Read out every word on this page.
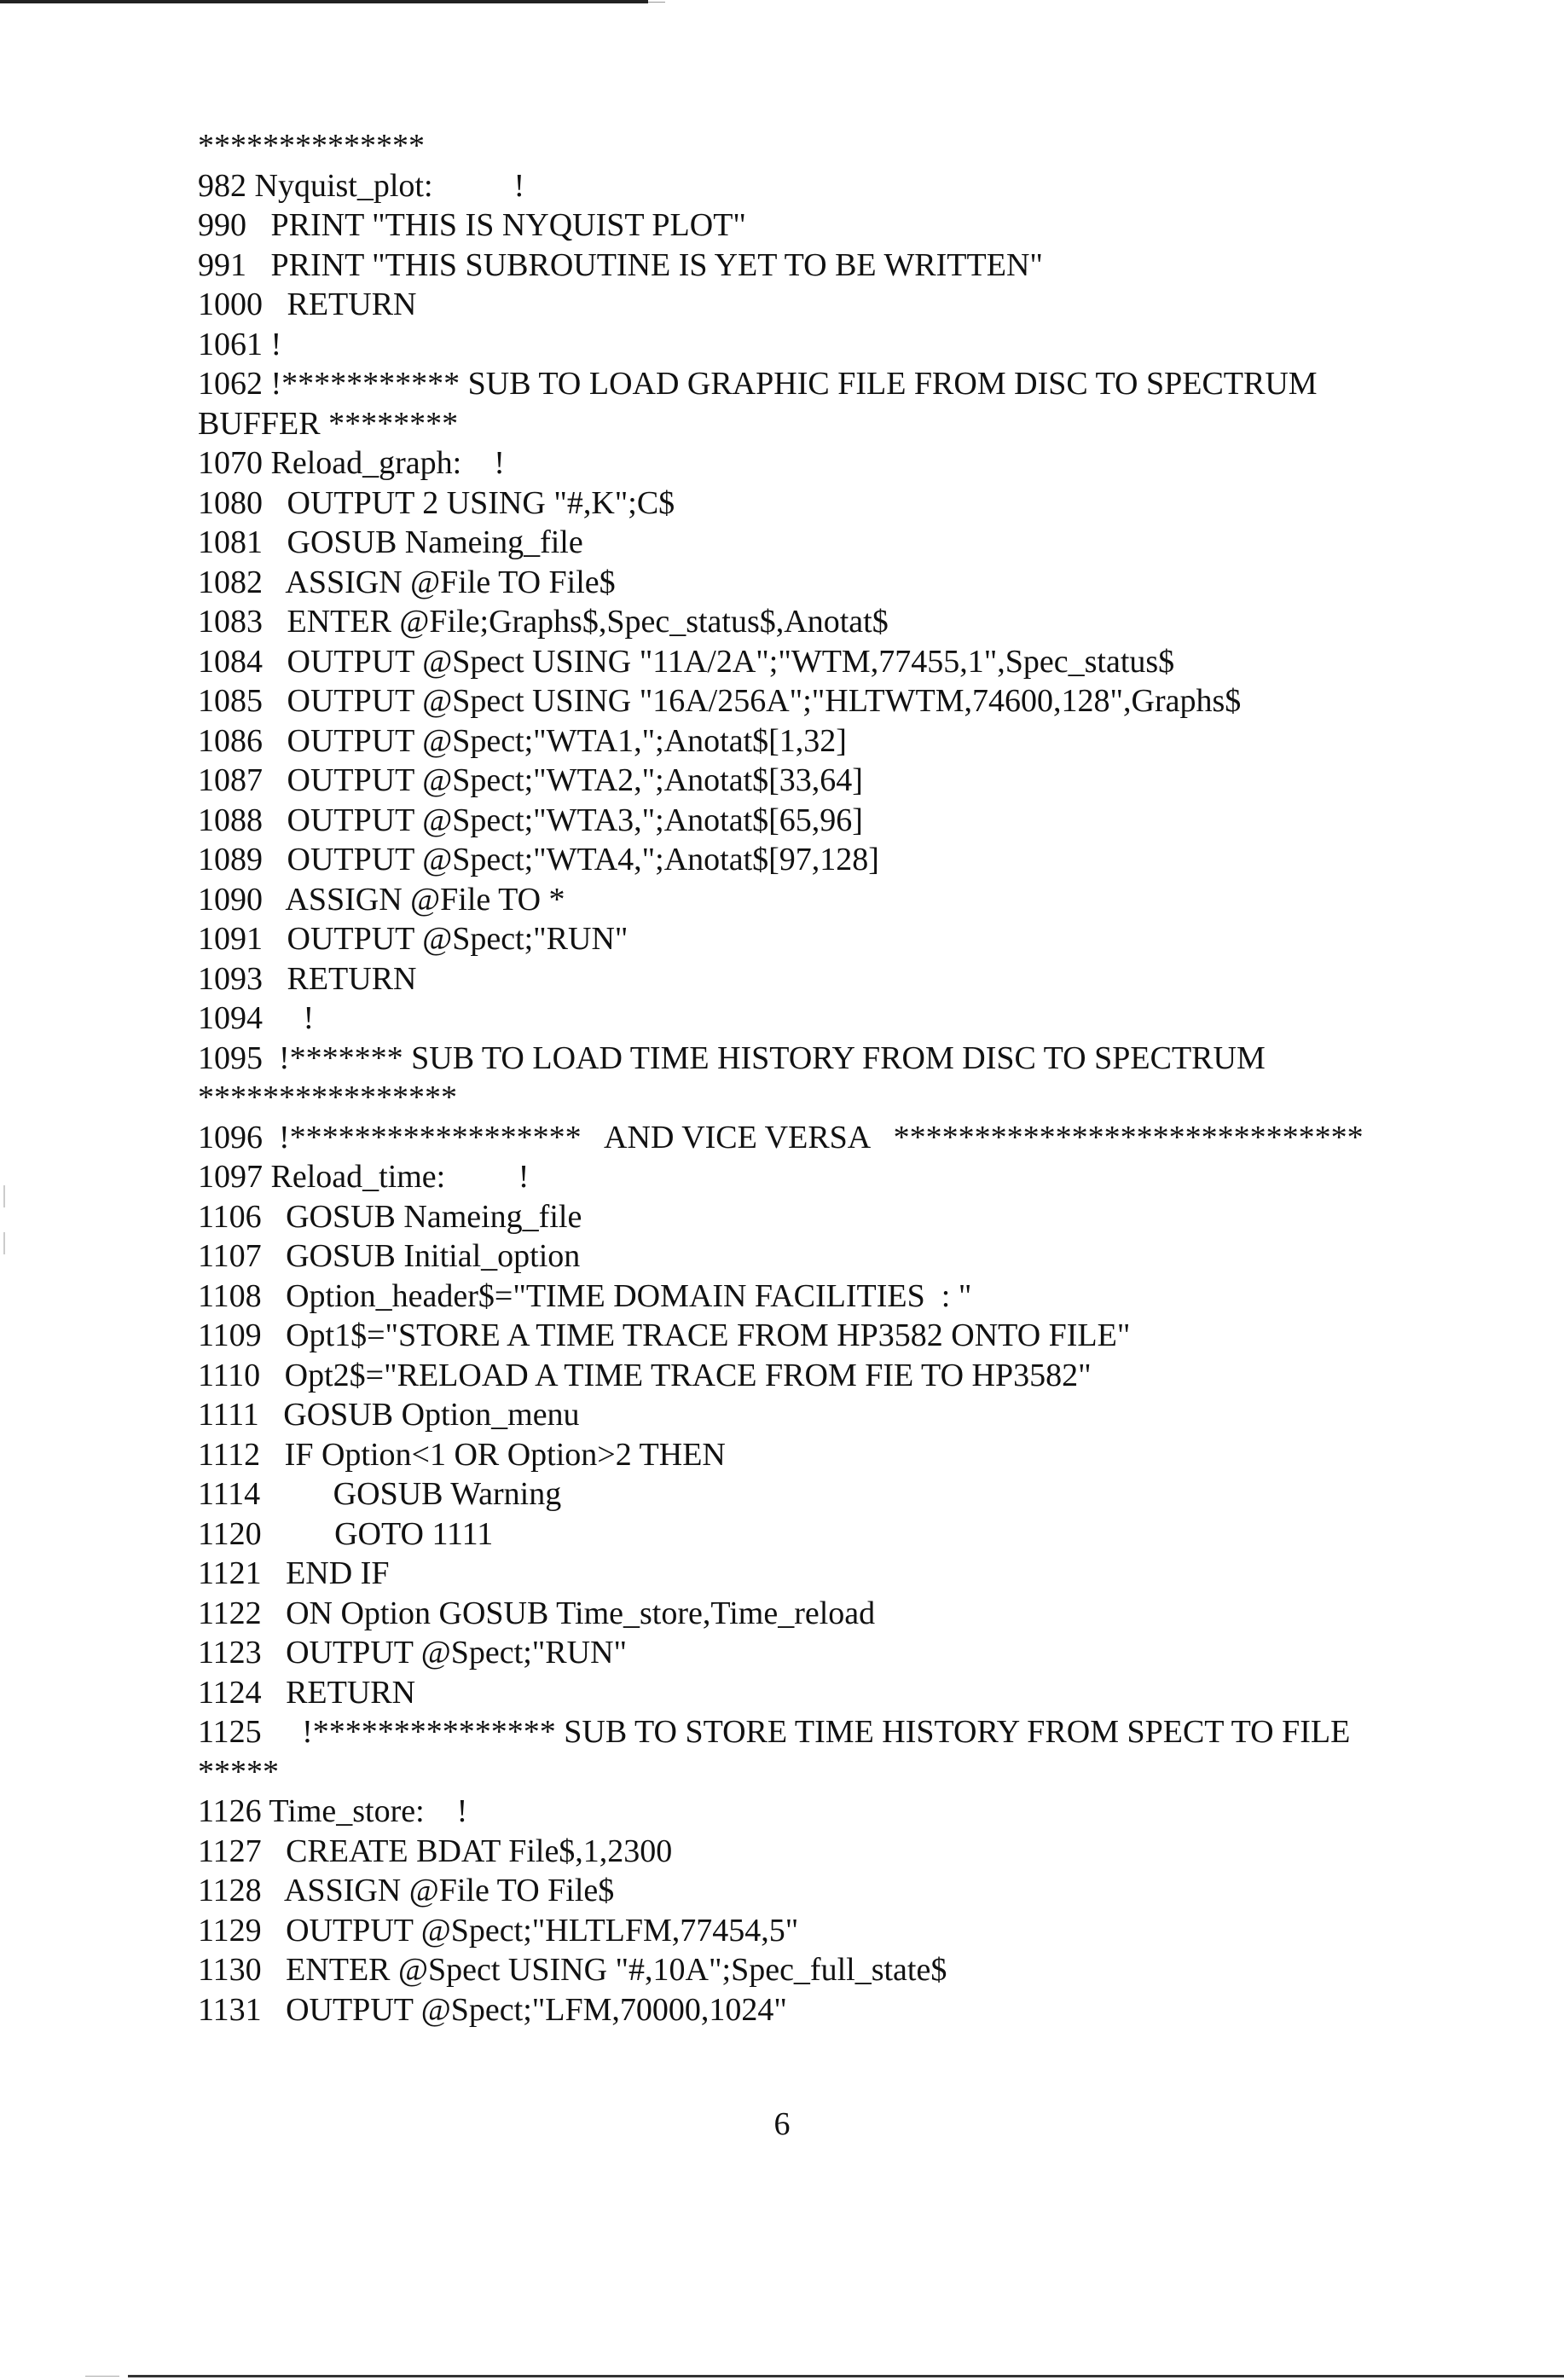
**************
982 Nyquist_plot:          !
990   PRINT "THIS IS NYQUIST PLOT"
991   PRINT "THIS SUBROUTINE IS YET TO BE WRITTEN"
1000   RETURN
1061 !
1062 !*********** SUB TO LOAD GRAPHIC FILE FROM DISC TO SPECTRUM
BUFFER ********
1070 Reload_graph:    !
1080   OUTPUT 2 USING "#,K";C$
1081   GOSUB Nameing_file
1082   ASSIGN @File TO File$
1083   ENTER @File;Graphs$,Spec_status$,Anotat$
1084   OUTPUT @Spect USING "11A/2A";"WTM,77455,1",Spec_status$
1085   OUTPUT @Spect USING "16A/256A";"HLTWTM,74600,128",Graphs$
1086   OUTPUT @Spect;"WTA1,";Anotat$[1,32]
1087   OUTPUT @Spect;"WTA2,";Anotat$[33,64]
1088   OUTPUT @Spect;"WTA3,";Anotat$[65,96]
1089   OUTPUT @Spect;"WTA4,";Anotat$[97,128]
1090   ASSIGN @File TO *
1091   OUTPUT @Spect;"RUN"
1093   RETURN
1094     !
1095  !******* SUB TO LOAD TIME HISTORY FROM DISC TO SPECTRUM
****************
1096  !******************   AND VICE VERSA   *****************************
1097 Reload_time:         !
1106   GOSUB Nameing_file
1107   GOSUB Initial_option
1108   Option_header$="TIME DOMAIN FACILITIES  : "
1109   Opt1$="STORE A TIME TRACE FROM HP3582 ONTO FILE"
1110   Opt2$="RELOAD A TIME TRACE FROM FIE TO HP3582"
1111   GOSUB Option_menu
1112   IF Option<1 OR Option>2 THEN
1114         GOSUB Warning
1120         GOTO 1111
1121   END IF
1122   ON Option GOSUB Time_store,Time_reload
1123   OUTPUT @Spect;"RUN"
1124   RETURN
1125     !*************** SUB TO STORE TIME HISTORY FROM SPECT TO FILE
*****
1126 Time_store:    !
1127   CREATE BDAT File$,1,2300
1128   ASSIGN @File TO File$
1129   OUTPUT @Spect;"HLTLFM,77454,5"
1130   ENTER @Spect USING "#,10A";Spec_full_state$
1131   OUTPUT @Spect;"LFM,70000,1024"
6
